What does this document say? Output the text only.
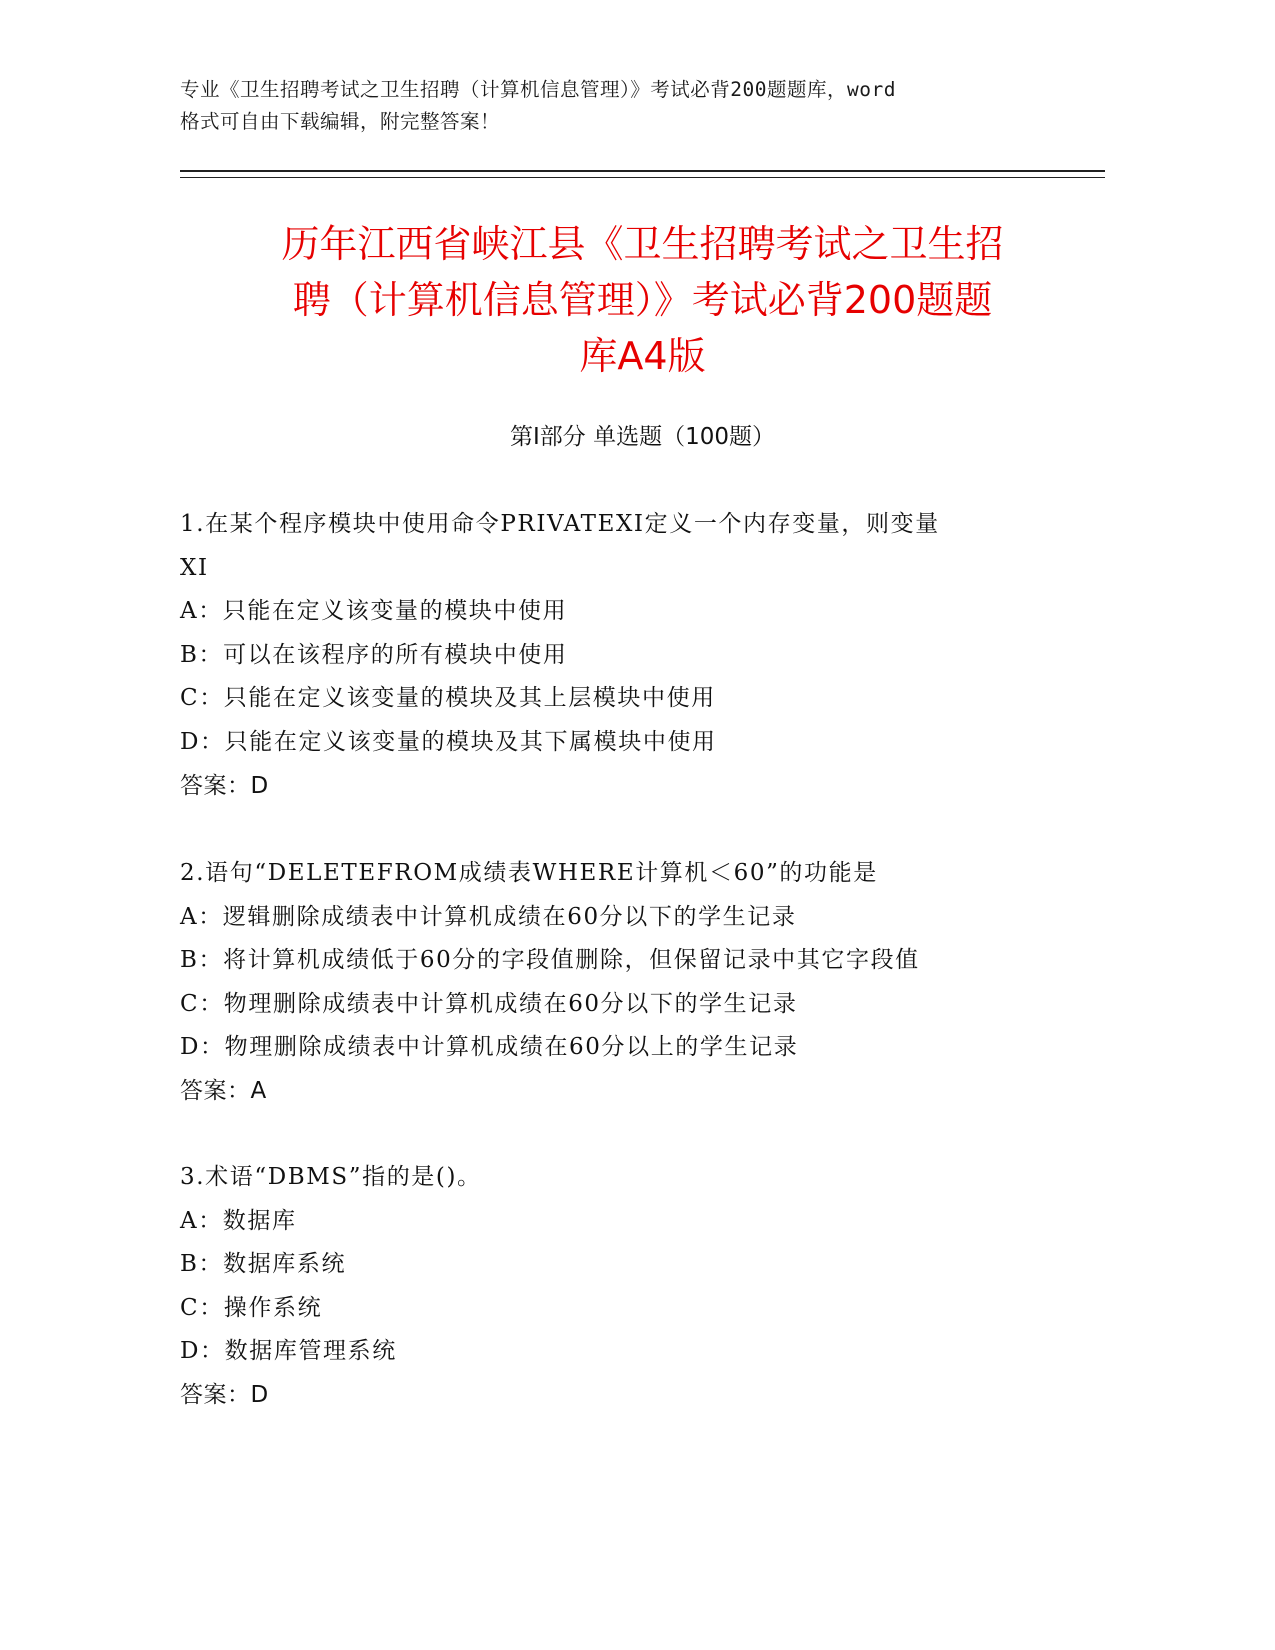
专业《卫生招聘考试之卫生招聘（计算机信息管理）》考试必背200题题库，word
格式可自由下载编辑，附完整答案！
历年江西省峡江县《卫生招聘考试之卫生招
聘（计算机信息管理）》考试必背200题题
库A4版
第I部分 单选题（100题）
1.在某个程序模块中使用命令PRIVATEXI定义一个内存变量，则变量
XI
A：只能在定义该变量的模块中使用
B：可以在该程序的所有模块中使用
C：只能在定义该变量的模块及其上层模块中使用
D：只能在定义该变量的模块及其下属模块中使用
答案：D
2.语句“DELETEFROM成绩表WHERE计算机＜60”的功能是
A：逻辑删除成绩表中计算机成绩在60分以下的学生记录
B：将计算机成绩低于60分的字段值删除，但保留记录中其它字段值
C：物理删除成绩表中计算机成绩在60分以下的学生记录
D：物理删除成绩表中计算机成绩在60分以上的学生记录
答案：A
3.术语“DBMS”指的是()。
A：数据库
B：数据库系统
C：操作系统
D：数据库管理系统
答案：D
